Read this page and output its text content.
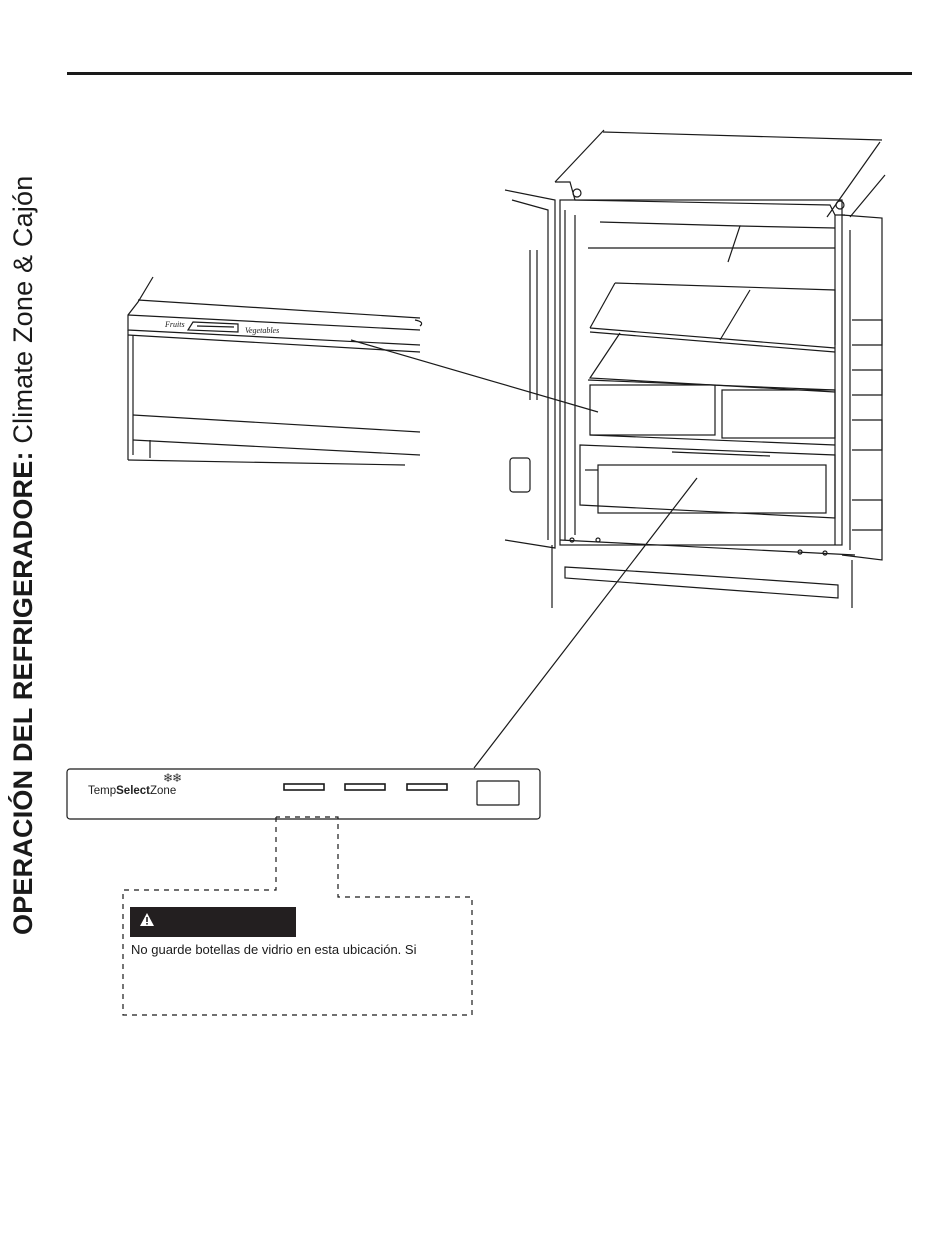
OPERACIÓN DEL REFRIGERADORE: Climate Zone & Cajón	Fruits
Vegetables
TempSelectZone
❄❄
No guarde botellas de vidrio en esta ubicación. Si
